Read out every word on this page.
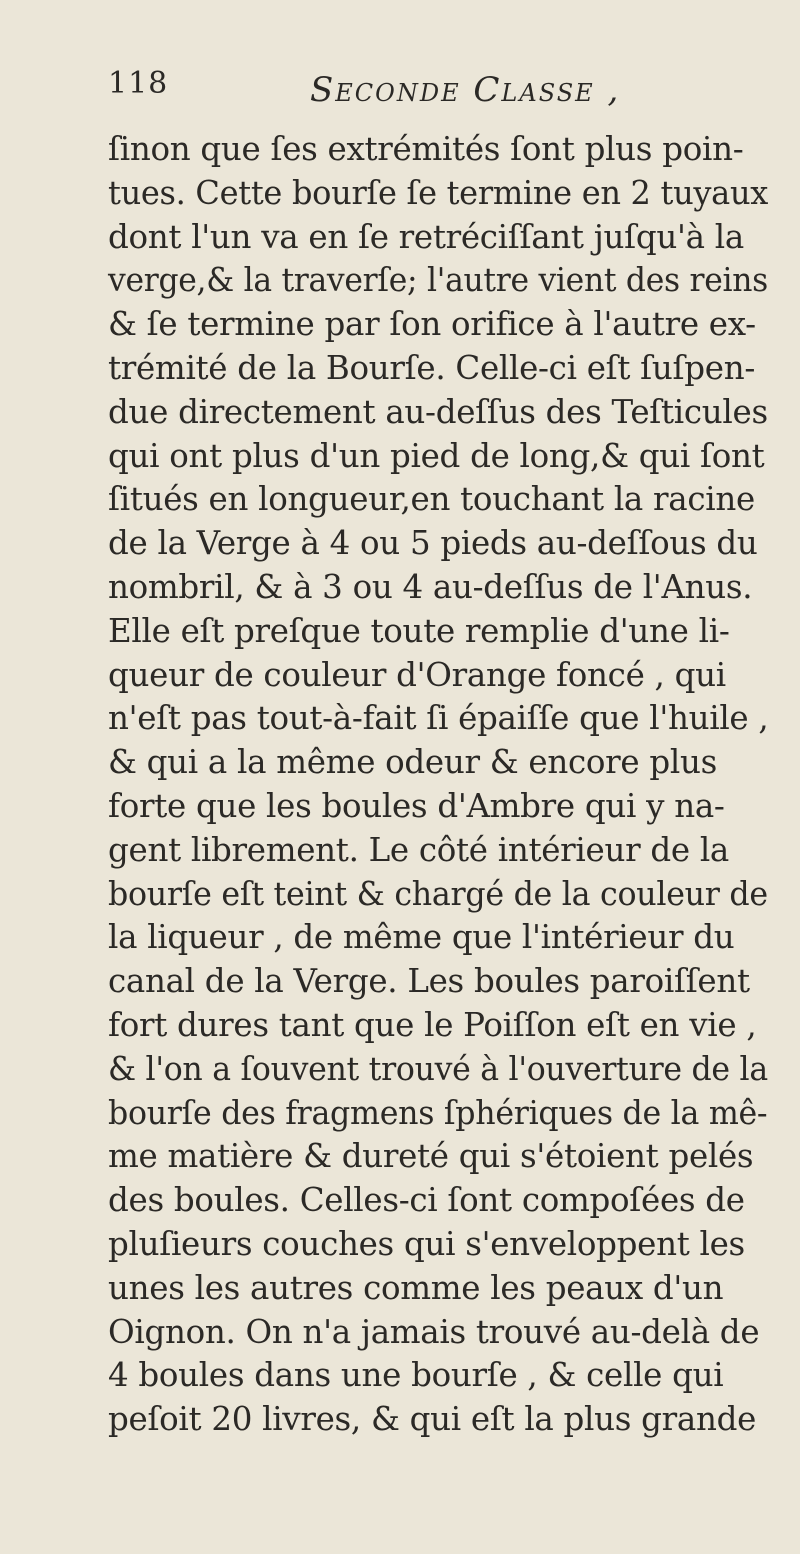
118	Seconde Classe ,
ſinon que ſes extrémités ſont plus poin-
tues. Cette bourſe ſe termine en 2 tuyaux
dont l'un va en ſe retréciſſant juſqu'à la
verge,& la traverſe; l'autre vient des reins
& ſe termine par ſon orifice à l'autre ex-
trémité de la Bourſe. Celle-ci eſt ſuſpen-
due directement au-deſſus des Teſticules
qui ont plus d'un pied de long,& qui ſont
ſitués en longueur,en touchant la racine
de la Verge à 4 ou 5 pieds au-deſſous du
nombril, & à 3 ou 4 au-deſſus de l'Anus.
Elle eſt preſque toute remplie d'une li-
queur de couleur d'Orange foncé , qui
n'eſt pas tout-à-fait ſi épaiſſe que l'huile ,
& qui a la même odeur & encore plus
forte que les boules d'Ambre qui y na-
gent librement. Le côté intérieur de la
bourſe eſt teint & chargé de la couleur de
la liqueur , de même que l'intérieur du
canal de la Verge. Les boules paroiſſent
fort dures tant que le Poiſſon eſt en vie ,
& l'on a ſouvent trouvé à l'ouverture de la
bourſe des fragmens ſphériques de la mê-
me matière & dureté qui s'étoient pelés
des boules. Celles-ci ſont compoſées de
pluſieurs couches qui s'enveloppent les
unes les autres comme les peaux d'un
Oignon. On n'a jamais trouvé au-delà de
4 boules dans une bourſe , & celle qui
peſoit 20 livres, & qui eſt la plus grande
